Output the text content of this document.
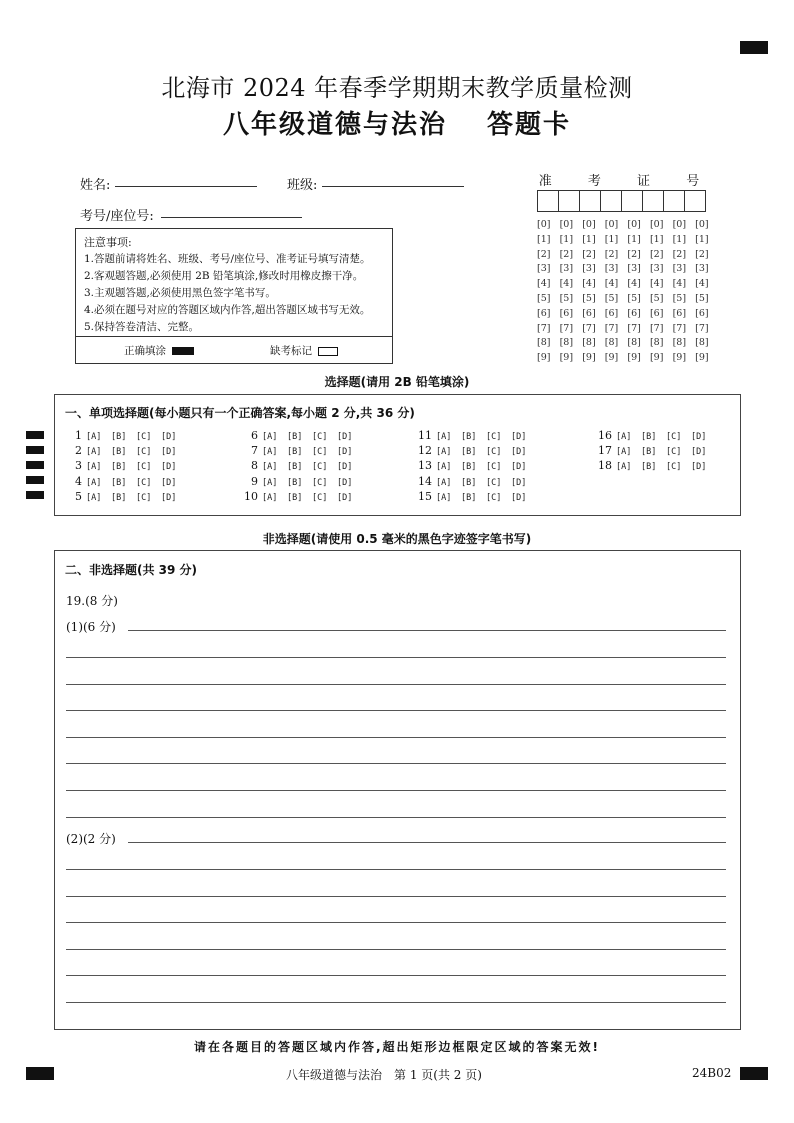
北海市 2024 年春季学期期末教学质量检测
八年级道德与法治 答题卡
姓名:	班级:
考号/座位号:
注意事项:
1.答题前请将姓名、班级、考号/座位号、准考证号填写清楚。
2.客观题答题,必须使用 2B 铅笔填涂,修改时用橡皮擦干净。
3.主观题答题,必须使用黑色签字笔书写。
4.必须在题号对应的答题区域内作答,超出答题区域书写无效。
5.保持答卷清洁、完整。
正确填涂	缺考标记
准 考 证 号
[0] [0] [0] [0] [0] [0] [0] [0]
[1] [1] [1] [1] [1] [1] [1] [1]
[2] [2] [2] [2] [2] [2] [2] [2]
[3] [3] [3] [3] [3] [3] [3] [3]
[4] [4] [4] [4] [4] [4] [4] [4]
[5] [5] [5] [5] [5] [5] [5] [5]
[6] [6] [6] [6] [6] [6] [6] [6]
[7] [7] [7] [7] [7] [7] [7] [7]
[8] [8] [8] [8] [8] [8] [8] [8]
[9] [9] [9] [9] [9] [9] [9] [9]
选择题(请用 2B 铅笔填涂)
一、单项选择题(每小题只有一个正确答案,每小题 2 分,共 36 分)
1 [A] [B] [C] [D]
2 [A] [B] [C] [D]
3 [A] [B] [C] [D]
4 [A] [B] [C] [D]
5 [A] [B] [C] [D]
6 [A] [B] [C] [D]
7 [A] [B] [C] [D]
8 [A] [B] [C] [D]
9 [A] [B] [C] [D]
10 [A] [B] [C] [D]
11 [A] [B] [C] [D]
12 [A] [B] [C] [D]
13 [A] [B] [C] [D]
14 [A] [B] [C] [D]
15 [A] [B] [C] [D]
16 [A] [B] [C] [D]
17 [A] [B] [C] [D]
18 [A] [B] [C] [D]
非选择题(请使用 0.5 毫米的黑色字迹签字笔书写)
二、非选择题(共 39 分)
19.(8 分)
(1)(6 分)
(2)(2 分)
请在各题目的答题区域内作答,超出矩形边框限定区域的答案无效!
八年级道德与法治　第 1 页(共 2 页)	24B02
